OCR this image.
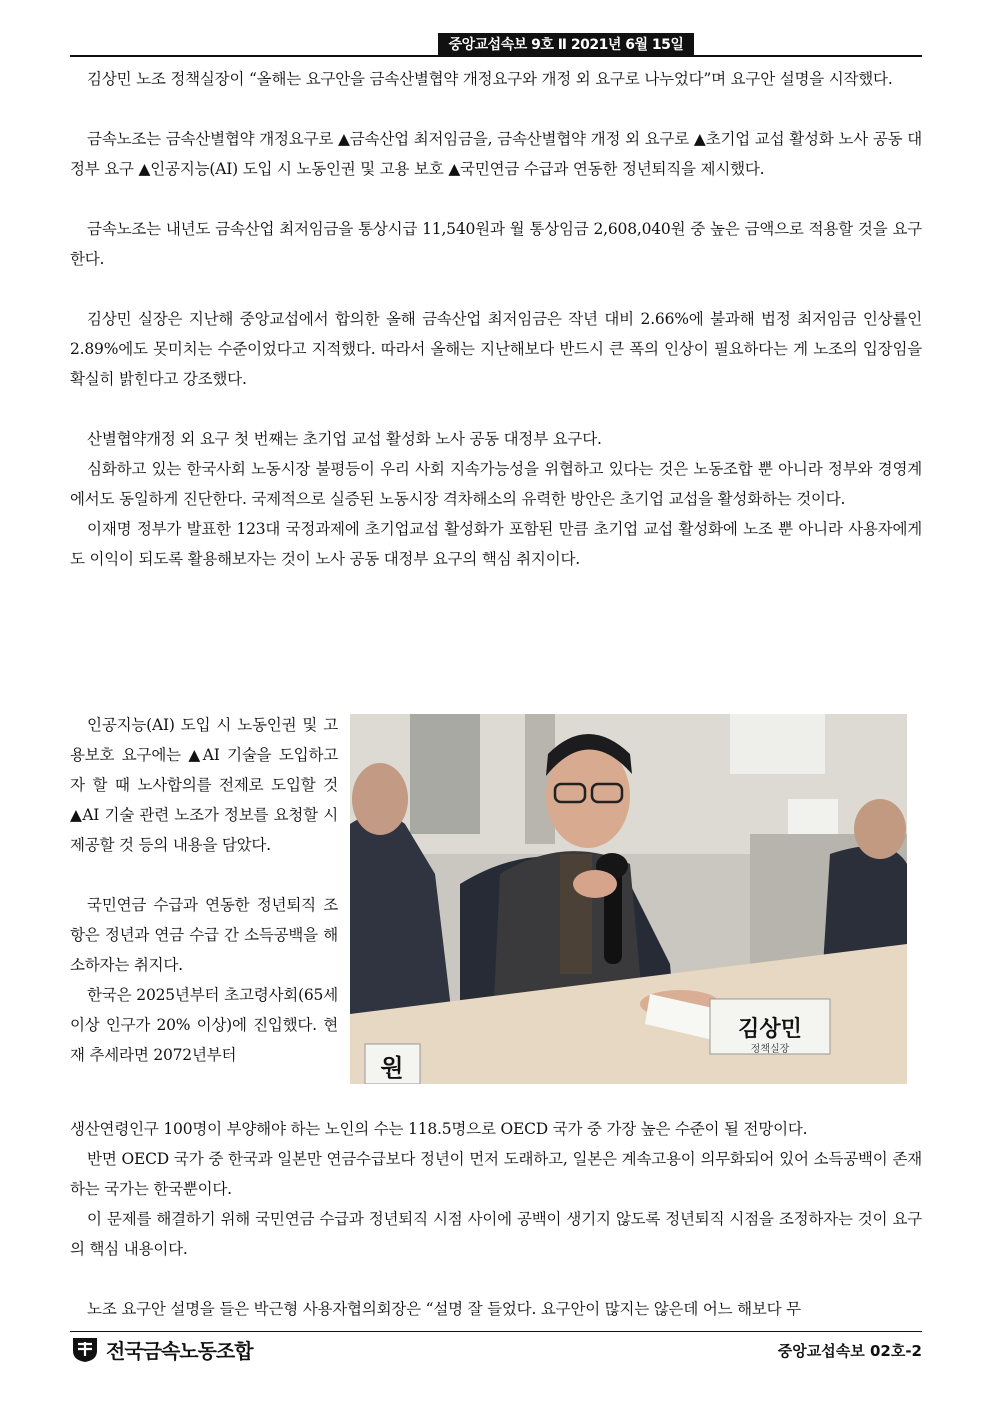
중앙교섭속보 9호 Ⅱ 2021년 6월 15일

김상민 노조 정책실장이 “올해는 요구안을 금속산별협약 개정요구와 개정 외 요구로 나누었다”며 요구안 설명을 시작했다.

금속노조는 금속산별협약 개정요구로 ▲금속산업 최저임금을, 금속산별협약 개정 외 요구로 ▲초기업 교섭 활성화 노사 공동 대정부 요구 ▲인공지능(AI) 도입 시 노동인권 및 고용 보호 ▲국민연금 수급과 연동한 정년퇴직을 제시했다.

금속노조는 내년도 금속산업 최저임금을 통상시급 11,540원과 월 통상임금 2,608,040원 중 높은 금액으로 적용할 것을 요구한다.

김상민 실장은 지난해 중앙교섭에서 합의한 올해 금속산업 최저임금은 작년 대비 2.66%에 불과해 법정 최저임금 인상률인 2.89%에도 못미치는 수준이었다고 지적했다. 따라서 올해는 지난해보다 반드시 큰 폭의 인상이 필요하다는 게 노조의 입장임을 확실히 밝힌다고 강조했다.

산별협약개정 외 요구 첫 번째는 초기업 교섭 활성화 노사 공동 대정부 요구다.

심화하고 있는 한국사회 노동시장 불평등이 우리 사회 지속가능성을 위협하고 있다는 것은 노동조합 뿐 아니라 정부와 경영계에서도 동일하게 진단한다. 국제적으로 실증된 노동시장 격차해소의 유력한 방안은 초기업 교섭을 활성화하는 것이다.

이재명 정부가 발표한 123대 국정과제에 초기업교섭 활성화가 포함된 만큼 초기업 교섭 활성화에 노조 뿐 아니라 사용자에게도 이익이 되도록 활용해보자는 것이 노사 공동 대정부 요구의 핵심 취지이다.

인공지능(AI) 도입 시 노동인권 및 고용보호 요구에는 ▲AI 기술을 도입하고자 할 때 노사합의를 전제로 도입할 것 ▲AI 기술 관련 노조가 정보를 요청할 시 제공할 것 등의 내용을 담았다.

국민연금 수급과 연동한 정년퇴직 조항은 정년과 연금 수급 간 소득공백을 해소하자는 취지다.

한국은 2025년부터 초고령사회(65세 이상 인구가 20% 이상)에 진입했다. 현재 추세라면 2072년부터

김상민
정책실장
원

생산연령인구 100명이 부양해야 하는 노인의 수는 118.5명으로 OECD 국가 중 가장 높은 수준이 될 전망이다.

반면 OECD 국가 중 한국과 일본만 연금수급보다 정년이 먼저 도래하고, 일본은 계속고용이 의무화되어 있어 소득공백이 존재하는 국가는 한국뿐이다.

이 문제를 해결하기 위해 국민연금 수급과 정년퇴직 시점 사이에 공백이 생기지 않도록 정년퇴직 시점을 조정하자는 것이 요구의 핵심 내용이다.

노조 요구안 설명을 들은 박근형 사용자협의회장은 “설명 잘 들었다. 요구안이 많지는 않은데 어느 해보다 무

전국금속노동조합	중앙교섭속보 02호-2
